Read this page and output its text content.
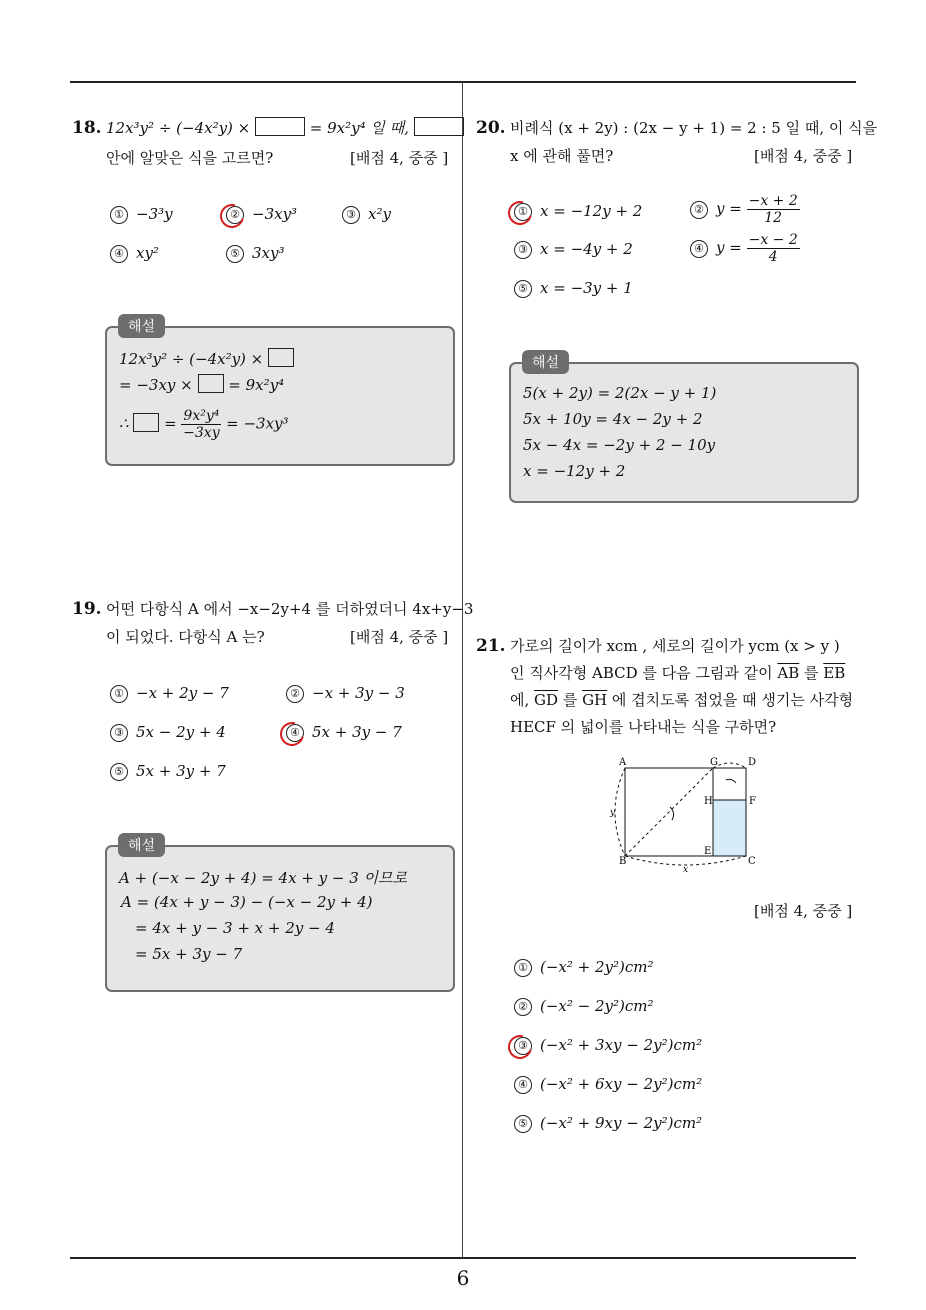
18. 12x³y² ÷ (−4x²y) ×	= 9x²y⁴ 일 때,
안에 알맞은 식을 고르면?	[배점 4, 중중 ]
① −3³y	② −3xy³	③ x²y
④ xy²	⑤ 3xy³
12x³y² ÷ (−4x²y) ×
= −3xy ×  = 9x²y⁴
∴  = $\frac{\text{9x²y⁴}}{-3xy} = -3xy^3$
해설
19. 어떤 다항식 A 에서 −x−2y+4 를 더하였더니 4x+y−3
이 되었다. 다항식 A 는?	[배점 4, 중중 ]
① −x + 2y − 7	② −x + 3y − 3
③ 5x − 2y + 4	④ 5x + 3y − 7
⑤ 5x + 3y + 7
A + (−x − 2y + 4) = 4x + y − 3 이므로
A = (4x + y − 3) − (−x − 2y + 4)
= 4x + y − 3 + x + 2y − 4
= 5x + 3y − 7
해설
20. 비례식 (x + 2y) : (2x − y + 1) = 2 : 5 일 때, 이 식을
x 에 관해 풀면?	[배점 4, 중중 ]
① x = −12y + 2	② $y = \frac{-x + 2}{12}$
③ x = −4y + 2	④ $y = \frac{-x - 2}{4}$
⑤ x = −3y + 1
5(x + 2y) = 2(2x − y + 1)
5x + 10y = 4x − 2y + 2
5x − 4x = −2y + 2 − 10y
x = −12y + 2
해설
21. 가로의 길이가 xcm , 세로의 길이가 ycm (x > y )
인 직사각형 ABCD 를 다음 그림과 같이 $\overline{AB}$ 를 $\overline{EB}$
에, $\overline{GD}$ 를 $\overline{GH}$ 에 겹치도록 접었을 때 생기는 사각형
HECF 의 넓이를 나타내는 식을 구하면?
A	G	D
H	F
E
B	C
y
x
[배점 4, 중중 ]
① (−x² + 2y²)cm²
② (−x² − 2y²)cm²
③ (−x² + 3xy − 2y²)cm²
④ (−x² + 6xy − 2y²)cm²
⑤ (−x² + 9xy − 2y²)cm²
6
